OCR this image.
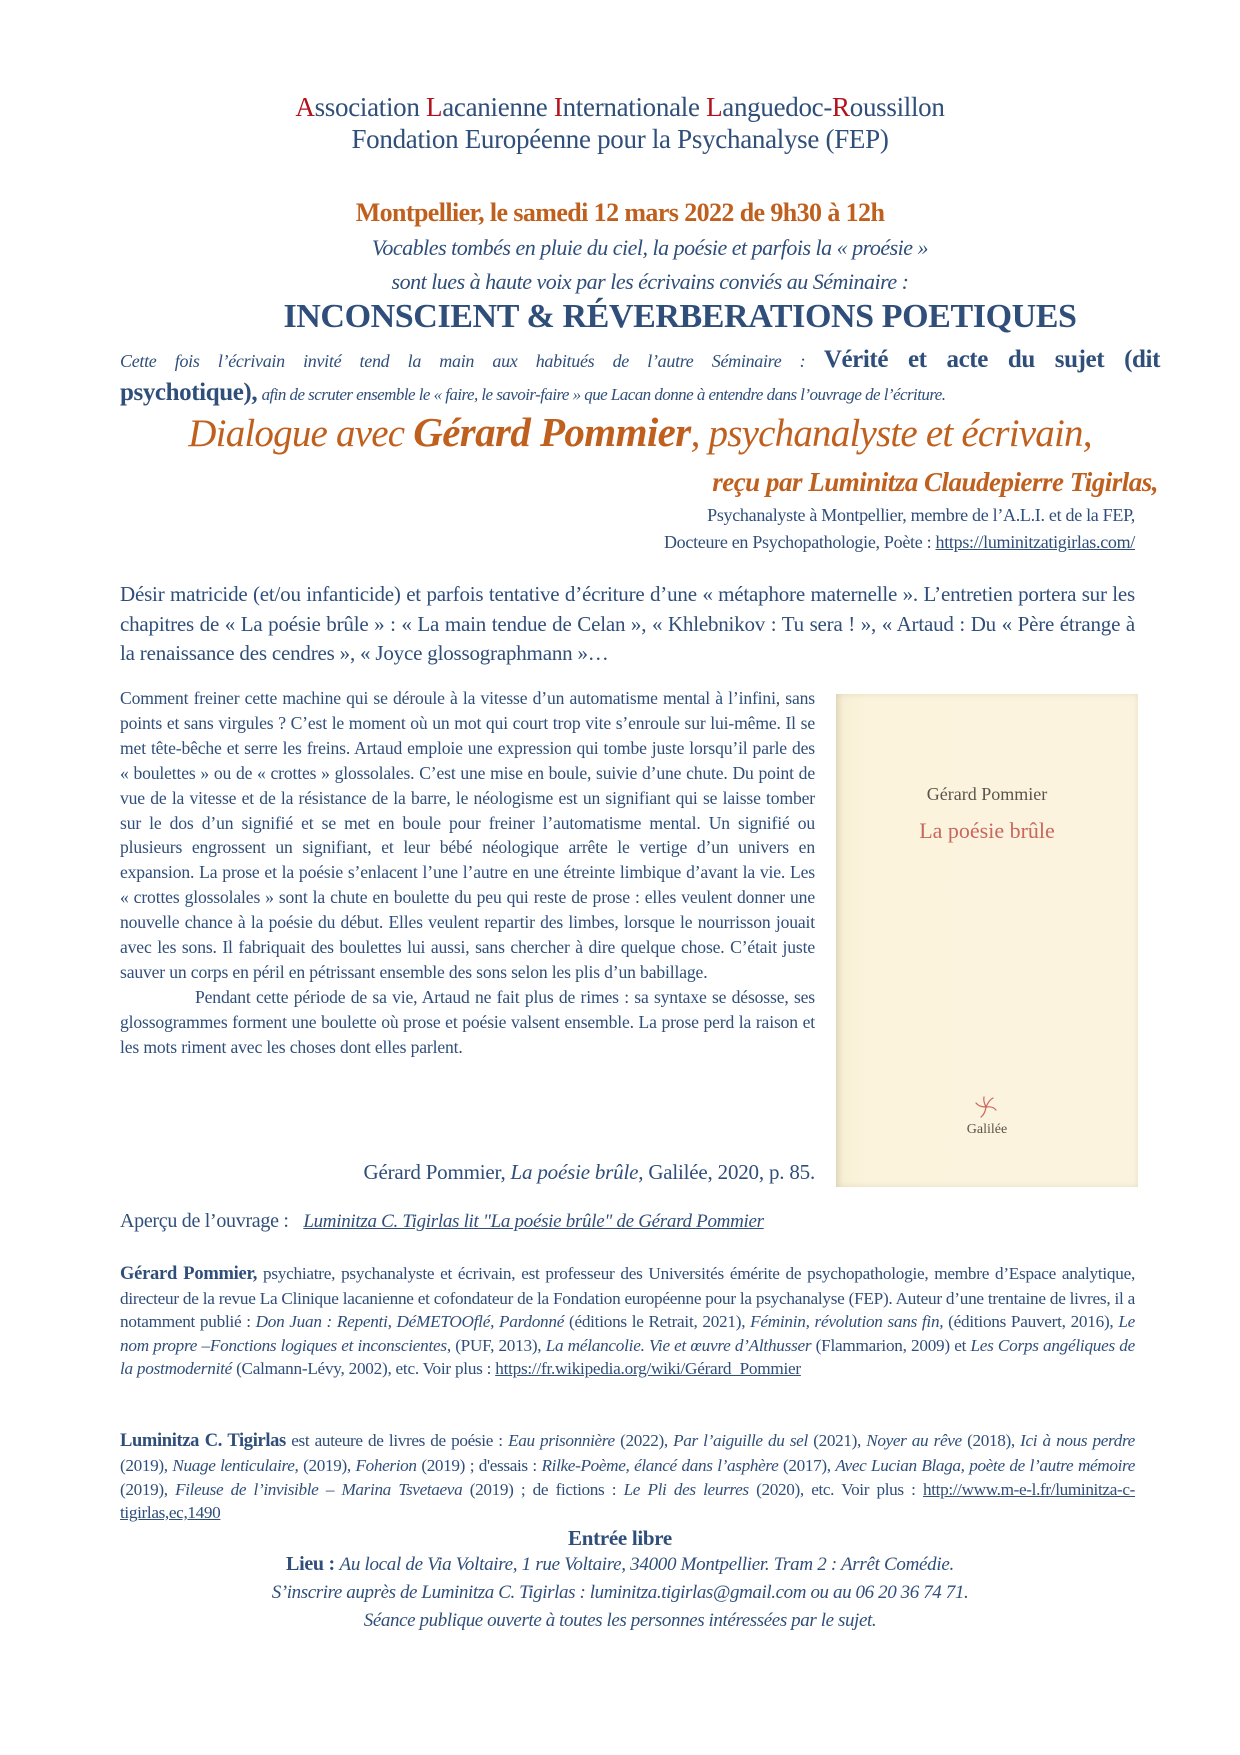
Association Lacanienne Internationale Languedoc-Roussillon
Fondation Européenne pour la Psychanalyse (FEP)
Montpellier, le samedi 12 mars 2022 de 9h30 à 12h
Vocables tombés en pluie du ciel, la poésie et parfois la « proésie »
sont lues à haute voix par les écrivains conviés au Séminaire :
INCONSCIENT & RÉVERBERATIONS POETIQUES
Cette fois l’écrivain invité tend la main aux habitués de l’autre Séminaire : Vérité et acte du sujet (dit
psychotique), afin de scruter ensemble le « faire, le savoir-faire » que Lacan donne à entendre dans l’ouvrage de l’écriture.
Dialogue avec Gérard Pommier, psychanalyste et écrivain,
reçu par Luminitza Claudepierre Tigirlas,
Psychanalyste à Montpellier, membre de l’A.L.I. et de la FEP,
Docteure en Psychopathologie, Poète : https://luminitzatigirlas.com/
Désir matricide (et/ou infanticide) et parfois tentative d’écriture d’une « métaphore maternelle ». L’entretien portera sur les chapitres de « La poésie brûle » : « La main tendue de Celan », « Khlebnikov : Tu sera ! », « Artaud : Du « Père étrange à la renaissance des cendres », « Joyce glossographmann »…

Comment freiner cette machine qui se déroule à la vitesse d’un automatisme mental à l’infini, sans points et sans virgules ? C’est le moment où un mot qui court trop vite s’enroule sur lui-même. Il se met tête-bêche et serre les freins. Artaud emploie une expression qui tombe juste lorsqu’il parle des « boulettes » ou de « crottes » glossolales. C’est une mise en boule, suivie d’une chute. Du point de vue de la vitesse et de la résistance de la barre, le néologisme est un signifiant qui se laisse tomber sur le dos d’un signifié et se met en boule pour freiner l’automatisme mental. Un signifié ou plusieurs engrossent un signifiant, et leur bébé néologique arrête le vertige d’un univers en expansion. La prose et la poésie s’enlacent l’une l’autre en une étreinte limbique d’avant la vie. Les « crottes glossolales » sont la chute en boulette du peu qui reste de prose : elles veulent donner une nouvelle chance à la poésie du début. Elles veulent repartir des limbes, lorsque le nourrisson jouait avec les sons. Il fabriquait des boulettes lui aussi, sans chercher à dire quelque chose. C’était juste sauver un corps en péril en pétrissant ensemble des sons selon les plis d’un babillage.

Pendant cette période de sa vie, Artaud ne fait plus de rimes : sa syntaxe se désosse, ses glossogrammes forment une boulette où prose et poésie valsent ensemble. La prose perd la raison et les mots riment avec les choses dont elles parlent.

Gérard Pommier, La poésie brûle, Galilée, 2020, p. 85.
Gérard Pommier
La poésie brûle
Galilée
Aperçu de l’ouvrage : Luminitza C. Tigirlas lit "La poésie brûle" de Gérard Pommier
Gérard Pommier, psychiatre, psychanalyste et écrivain, est professeur des Universités émérite de psychopathologie, membre d’Espace analytique, directeur de la revue La Clinique lacanienne et cofondateur de la Fondation européenne pour la psychanalyse (FEP). Auteur d’une trentaine de livres, il a notamment publié : Don Juan : Repenti, DéMETOOflé, Pardonné (éditions le Retrait, 2021), Féminin, révolution sans fin, (éditions Pauvert, 2016), Le nom propre –Fonctions logiques et inconscientes, (PUF, 2013), La mélancolie. Vie et œuvre d’Althusser (Flammarion, 2009) et Les Corps angéliques de la postmodernité (Calmann-Lévy, 2002), etc. Voir plus : https://fr.wikipedia.org/wiki/Gérard_Pommier
Luminitza C. Tigirlas est auteure de livres de poésie : Eau prisonnière (2022), Par l’aiguille du sel (2021), Noyer au rêve (2018), Ici à nous perdre (2019), Nuage lenticulaire, (2019), Foherion (2019) ; d'essais : Rilke-Poème, élancé dans l’asphère (2017), Avec Lucian Blaga, poète de l’autre mémoire (2019), Fileuse de l’invisible – Marina Tsvetaeva (2019) ; de fictions : Le Pli des leurres (2020), etc. Voir plus : http://www.m-e-l.fr/luminitza-c-tigirlas,ec,1490
Entrée libre
Lieu : Au local de Via Voltaire, 1 rue Voltaire, 34000 Montpellier. Tram 2 : Arrêt Comédie.
S’inscrire auprès de Luminitza C. Tigirlas : luminitza.tigirlas@gmail.com ou au 06 20 36 74 71.
Séance publique ouverte à toutes les personnes intéressées par le sujet.
